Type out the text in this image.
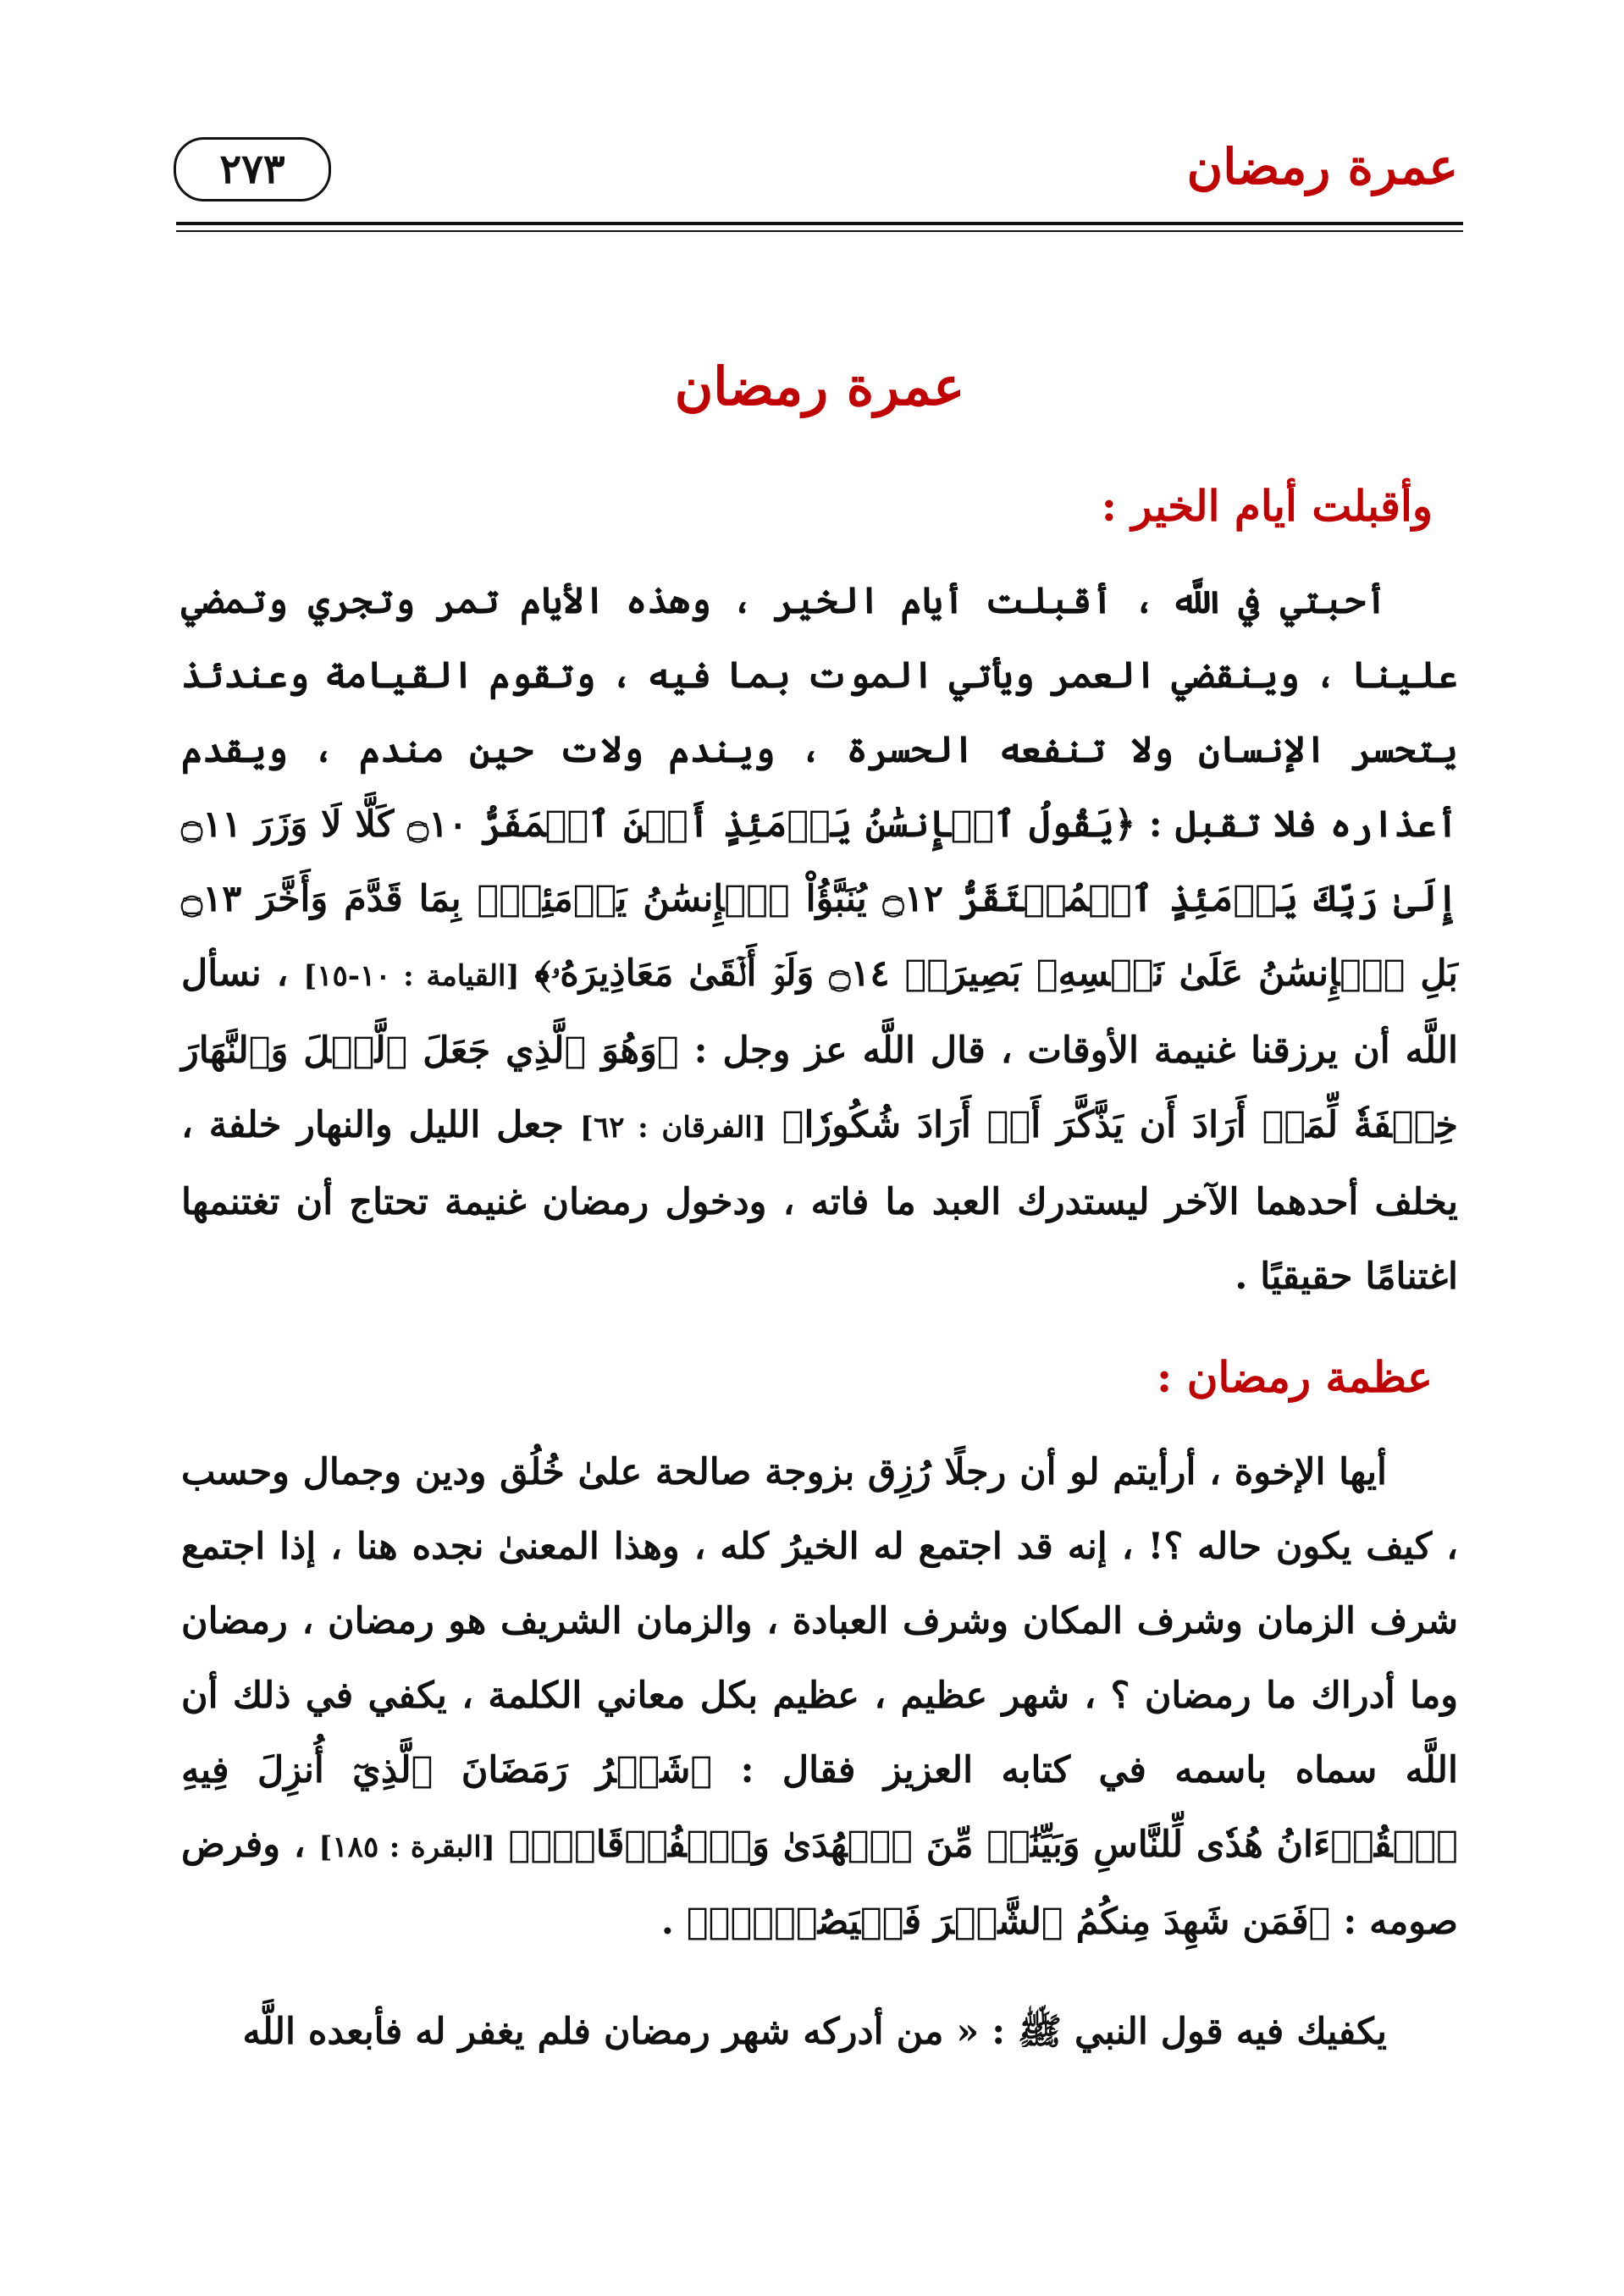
عمرة رمضان
٢٧٣
عمرة رمضان
وأقبلت أيام الخير :

أحبتي في اللَّه ، أقبلت أيام الخير ، وهذه الأيام تمر وتجري وتمضي علينا ، وينقضي العمر ويأتي الموت بما فيه ، وتقوم القيامة وعندئذ يتحسر الإنسان ولا تنفعه الحسرة ، ويندم ولات حين مندم ، ويقدم أعذاره فلا تقبل : ﴿يَقُولُ ٱلۡإِنسَٰنُ يَوۡمَئِذٍ أَيۡنَ ٱلۡمَفَرُّ ۝١٠ كَلَّا لَا وَزَرَ ۝١١ إِلَىٰ رَبِّكَ يَوۡمَئِذٍ ٱلۡمُسۡتَقَرُّ ۝١٢ يُنَبَّؤُاْ ٱلۡإِنسَٰنُ يَوۡمَئِذِۭ بِمَا قَدَّمَ وَأَخَّرَ ۝١٣ بَلِ ٱلۡإِنسَٰنُ عَلَىٰ نَفۡسِهِۦ بَصِيرَةٞ ۝١٤ وَلَوۡ أَلۡقَىٰ مَعَاذِيرَهُۥ﴾ [القيامة : ١٠-١٥] ، نسأل اللَّه أن يرزقنا غنيمة الأوقات ، قال اللَّه عز وجل : ﴿وَهُوَ ٱلَّذِي جَعَلَ ٱلَّيۡلَ وَٱلنَّهَارَ خِلۡفَةٗ لِّمَنۡ أَرَادَ أَن يَذَّكَّرَ أَوۡ أَرَادَ شُكُورٗا﴾ [الفرقان : ٦٢] جعل الليل والنهار خلفة ، يخلف أحدهما الآخر ليستدرك العبد ما فاته ، ودخول رمضان غنيمة تحتاج أن تغتنمها اغتنامًا حقيقيًا .

عظمة رمضان :

أيها الإخوة ، أرأيتم لو أن رجلًا رُزِق بزوجة صالحة علىٰ خُلُق ودين وجمال وحسب ، كيف يكون حاله ؟! ، إنه قد اجتمع له الخيرُ كله ، وهذا المعنىٰ نجده هنا ، إذا اجتمع شرف الزمان وشرف المكان وشرف العبادة ، والزمان الشريف هو رمضان ، رمضان وما أدراك ما رمضان ؟ ، شهر عظيم ، عظيم بكل معاني الكلمة ، يكفي في ذلك أن اللَّه سماه باسمه في كتابه العزيز فقال : ﴿شَهۡرُ رَمَضَانَ ٱلَّذِيٓ أُنزِلَ فِيهِ ٱلۡقُرۡءَانُ هُدٗى لِّلنَّاسِ وَبَيِّنَٰتٖ مِّنَ ٱلۡهُدَىٰ وَٱلۡفُرۡقَانِۚ﴾ [البقرة : ١٨٥] ، وفرض صومه : ﴿فَمَن شَهِدَ مِنكُمُ ٱلشَّهۡرَ فَلۡيَصُمۡهُۖ﴾ .

يكفيك فيه قول النبي ﷺ : « من أدركه شهر رمضان فلم يغفر له فأبعده اللَّه
